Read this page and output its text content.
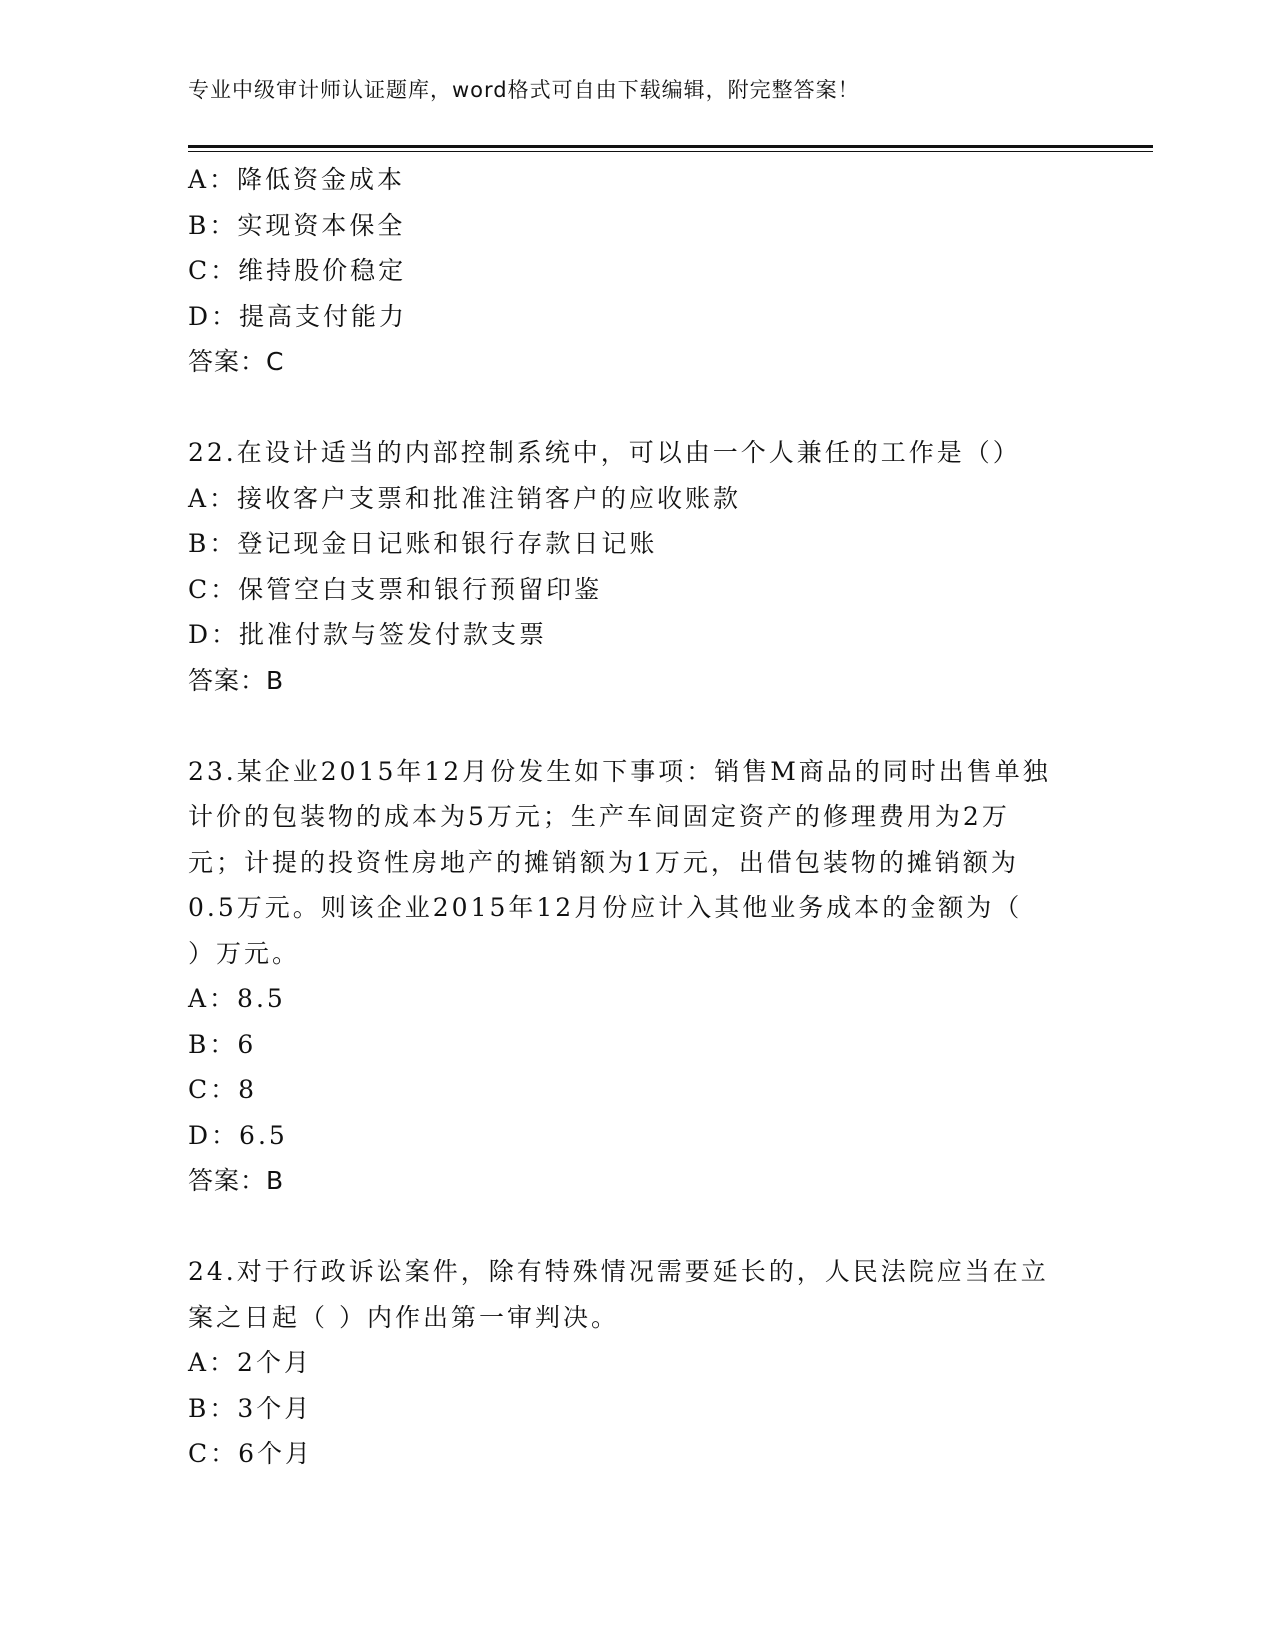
专业中级审计师认证题库，word格式可自由下载编辑，附完整答案！
A：降低资金成本
B：实现资本保全
C：维持股价稳定
D：提高支付能力
答案：C
22.在设计适当的内部控制系统中，可以由一个人兼任的工作是（）
A：接收客户支票和批准注销客户的应收账款
B：登记现金日记账和银行存款日记账
C：保管空白支票和银行预留印鉴
D：批准付款与签发付款支票
答案：B
23.某企业2015年12月份发生如下事项：销售M商品的同时出售单独
计价的包装物的成本为5万元；生产车间固定资产的修理费用为2万
元；计提的投资性房地产的摊销额为1万元，出借包装物的摊销额为
0.5万元。则该企业2015年12月份应计入其他业务成本的金额为（
）万元。
A：8.5
B：6
C：8
D：6.5
答案：B
24.对于行政诉讼案件，除有特殊情况需要延长的，人民法院应当在立
案之日起（ ）内作出第一审判决。
A：2个月
B：3个月
C：6个月
